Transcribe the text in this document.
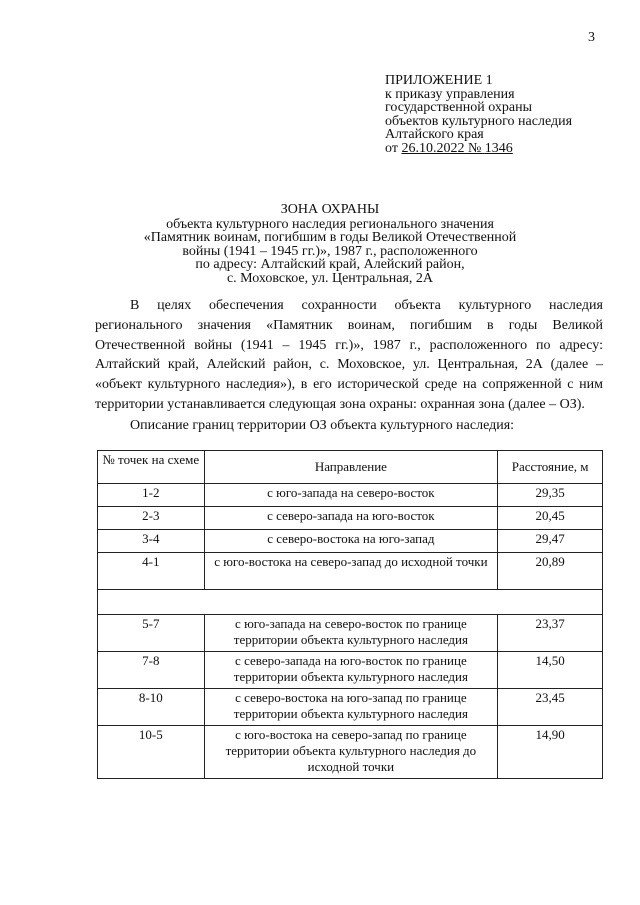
3
ПРИЛОЖЕНИЕ 1
к приказу управления
государственной охраны
объектов культурного наследия
Алтайского края
от 26.10.2022 № 1346
ЗОНА ОХРАНЫ
объекта культурного наследия регионального значения
«Памятник воинам, погибшим в годы Великой Отечественной
войны (1941 – 1945 гг.)», 1987 г., расположенного
по адресу: Алтайский край, Алейский район,
с. Моховское, ул. Центральная, 2А
В целях обеспечения сохранности объекта культурного наследия регионального значения «Памятник воинам, погибшим в годы Великой Отечественной войны (1941 – 1945 гг.)», 1987 г., расположенного по адресу: Алтайский край, Алейский район, с. Моховское, ул. Центральная, 2А (далее – «объект культурного наследия»), в его исторической среде на сопряженной с ним территории устанавливается следующая зона охраны: охранная зона (далее – ОЗ).
Описание границ территории ОЗ объекта культурного наследия:
№ точек на схеме	Направление	Расстояние, м
1-2	с юго-запада на северо-восток	29,35
2-3	с северо-запада на юго-восток	20,45
3-4	с северо-востока на юго-запад	29,47
4-1	с юго-востока на северо-запад до исходной точки	20,89

5-7	с юго-запада на северо-восток по границе территории объекта культурного наследия	23,37
7-8	с северо-запада на юго-восток по границе территории объекта культурного наследия	14,50
8-10	с северо-востока на юго-запад по границе территории объекта культурного наследия	23,45
10-5	с юго-востока на северо-запад по границе территории объекта культурного наследия до исходной точки	14,90
